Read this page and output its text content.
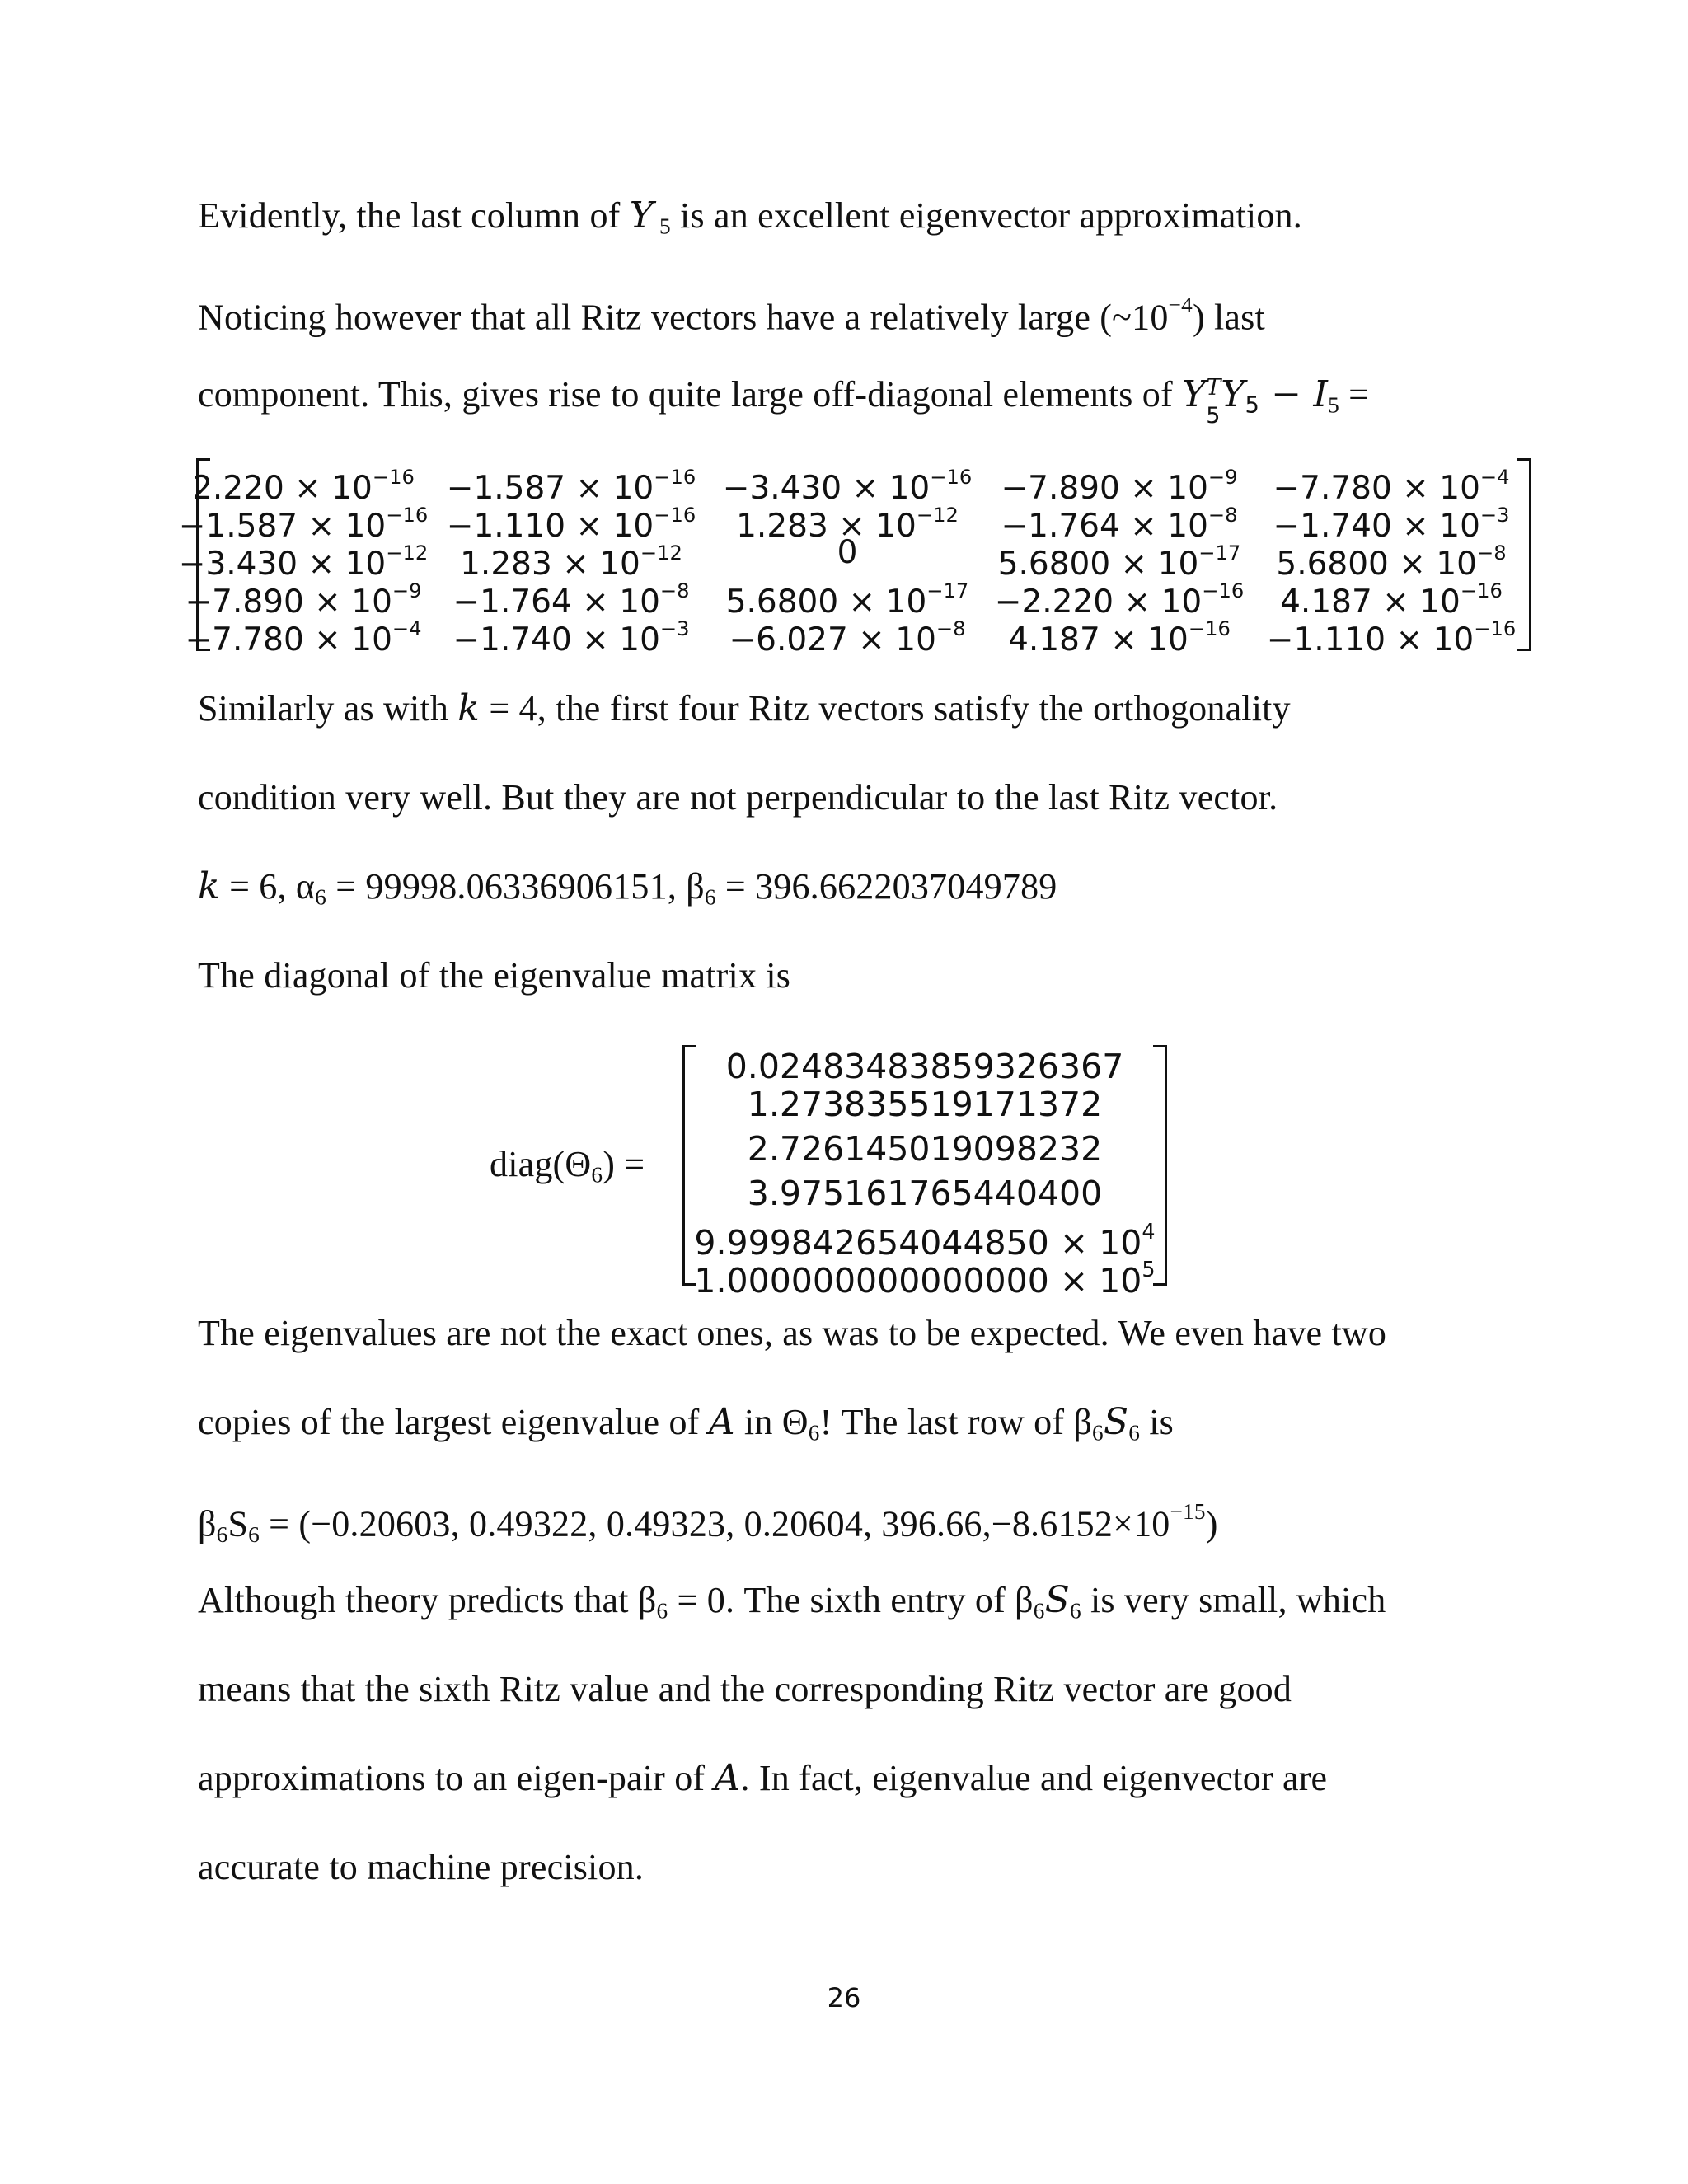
Evidently, the last column of Y $_5$ is an excellent eigenvector approximation.
Noticing however that all Ritz vectors have a relatively large $(\sim 10^{-4})$ last
component. This, gives rise to quite large off-diagonal elements of Y T
5
$Y_5 - I_5$ =
$2.220 \times 10^{-16} -1.587 \times 10^{-16} -3.430 \times 10^{-16} -7.890 \times 10^{-9}$	$-7.780 \times 10^{-4}$
$-1.587 \times 10^{-16} -1.110 \times 10^{-16}$	$1.283 \times 10^{-12}$	$-1.764 \times 10^{-8}$	$-1.740 \times 10^{-3}$
$-3.430 \times 10^{-12}$ $1.283 \times 10^{-12}$	0	$5.6800 \times 10^{-17}$	$5.6800 \times 10^{-8}$
$-7.890 \times 10^{-9} -1.764 \times 10^{-8}$	$5.6800 \times 10^{-17} -2.220 \times 10^{-16}$	$4.187 \times 10^{-16}$
$-7.780 \times 10^{-4} -1.740 \times 10^{-3}$	$-6.027 \times 10^{-8}$	$4.187 \times 10^{-16}$	$-1.110 \times 10^{-16}$
Similarly as with k = 4, the first four Ritz vectors satisfy the orthogonality
condition very well. But they are not perpendicular to the last Ritz vector.
k = 6, $\alpha_6 = 99998.06336906151$, $\beta_6 = 396.6622037049789$
The diagonal of the eigenvalue matrix is
$diag(\Theta_6)$ =
0.02483483859326367
1.273835519171372
2.726145019098232
3.975161765440400
$9.999842654044850 \times 10^4$
$1.000000000000000 \times 10^5$
The eigenvalues are not the exact ones, as was to be expected. We even have two
copies of the largest eigenvalue of A in $\Theta_6$! The last row of $\beta_6S_6$ is
$\beta_6S_6 = (-0.20603$, 0.49322, 0.49323, 0.20604, $396.66,-8.6152\times 10^{-15}$)
Although theory predicts that $\beta_6 = 0$. The sixth entry of $\beta_6S_6$ is very small, which
means that the sixth Ritz value and the corresponding Ritz vector are good
approximations to an eigen-pair of A. In fact, eigenvalue and eigenvector are
accurate to machine precision.
26
